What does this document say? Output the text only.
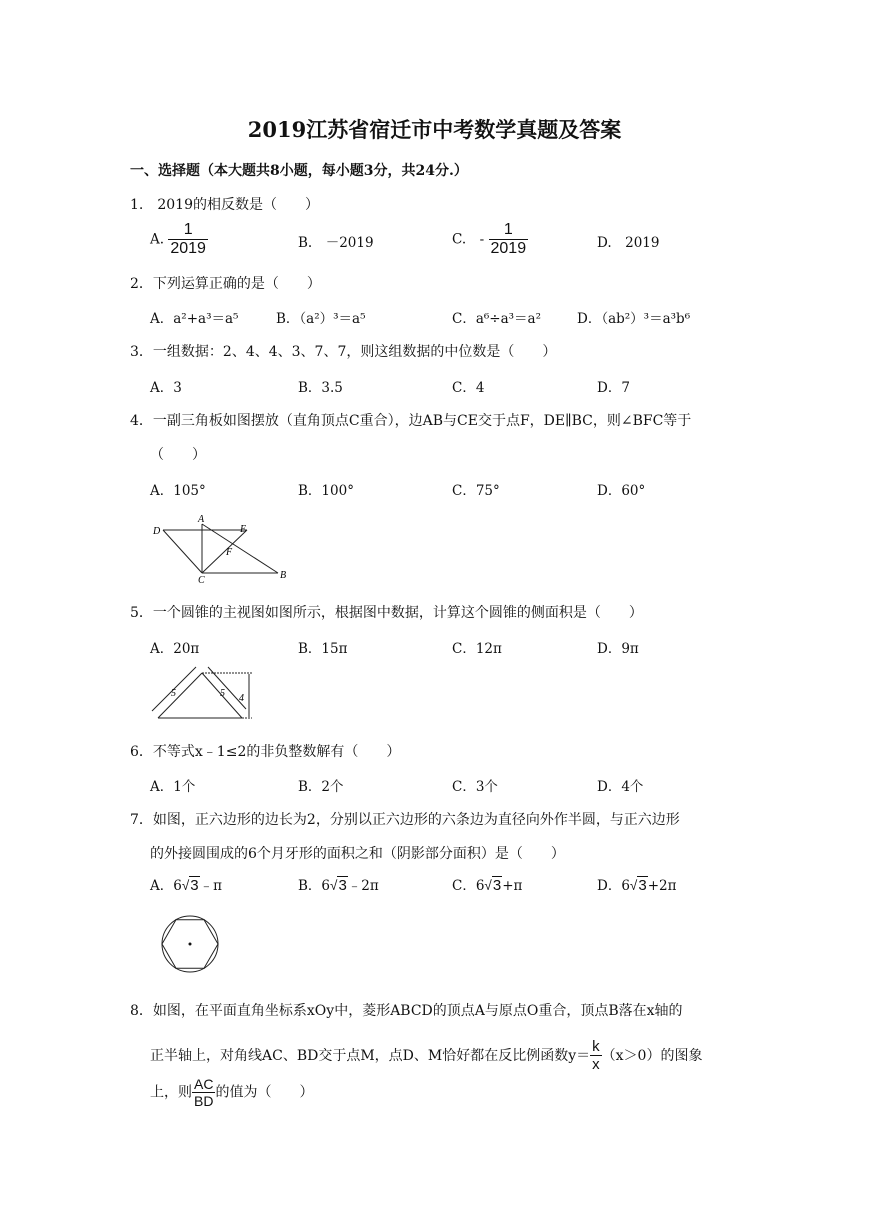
2019江苏省宿迁市中考数学真题及答案
一、选择题（本大题共8小题，每小题3分，共24分.）
1.　2019的相反数是（　　）
A. $\frac{1}{2019}$	B.　－2019	C.　- $\frac{1}{2019}$	D.　2019
2．下列运算正确的是（　　）
A．a²+a³＝a⁵	B．（a²）³＝a⁵	C．a⁶÷a³＝a²	D．（ab²）³＝a³b⁶
3．一组数据：2、4、4、3、7、7，则这组数据的中位数是（　　）
A．3	B．3.5	C．4	D．7
4．一副三角板如图摆放（直角顶点C重合），边AB与CE交于点F，DE∥BC，则∠BFC等于
（　　）
A．105°	B．100°	C．75°	D．60°
A
D	E
F
C	B
5．一个圆锥的主视图如图所示，根据图中数据，计算这个圆锥的侧面积是（　　）
A．20π	B．15π	C．12π	D．9π
5	5 4
6．不等式x﹣1≤2的非负整数解有（　　）
A．1个	B．2个	C．3个	D．4个
7．如图，正六边形的边长为2，分别以正六边形的六条边为直径向外作半圆，与正六边形
的外接圆围成的6个月牙形的面积之和（阴影部分面积）是（　　）
A．6√3﹣π	B．6√3﹣2π	C．6√3+π	D．6√3+2π
8．如图，在平面直角坐标系xOy中，菱形ABCD的顶点A与原点O重合，顶点B落在x轴的
正半轴上，对角线AC、BD交于点M，点D、M恰好都在反比例函数$y= \frac{k}{x} (x>0)$的图象
上，则 $\frac{AC}{BD}$ 的值为（　　）
